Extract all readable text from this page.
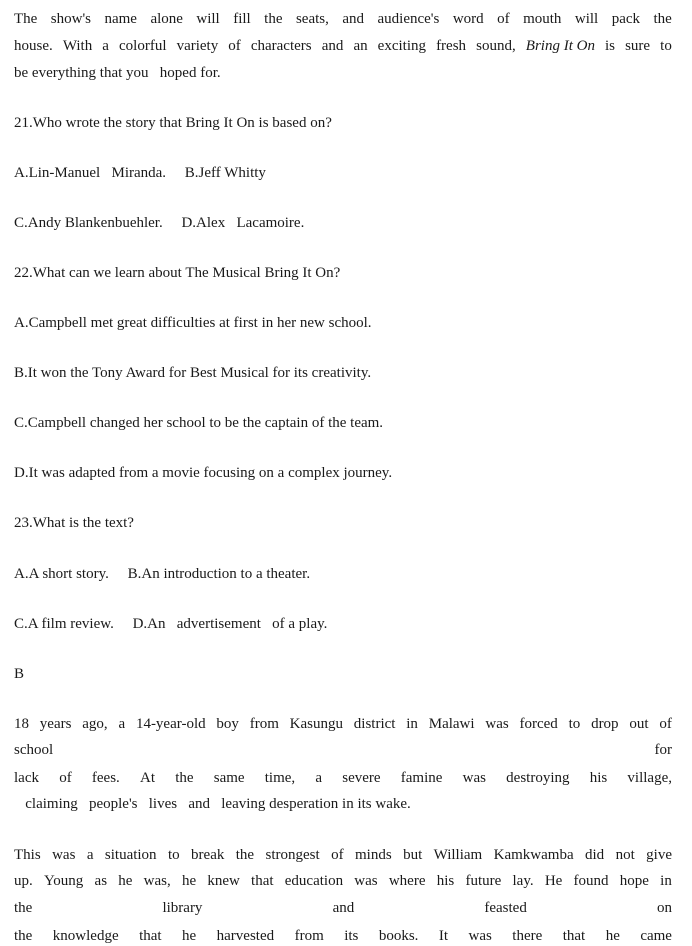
The show's name alone will fill the seats, and audience's word of mouth will pack the
house. With a colorful variety of characters and an exciting fresh sound, Bring It On is sure to
be everything that you   hoped for.
21.Who wrote the story that Bring It On is based on?
A.Lin-Manuel   Miranda.     B.Jeff Whitty
C.Andy Blankenbuehler.     D.Alex   Lacamoire.
22.What can we learn about The Musical Bring It On?
A.Campbell met great difficulties at first in her new school.
B.It won the Tony Award for Best Musical for its creativity.
C.Campbell changed her school to be the captain of the team.
D.It was adapted from a movie focusing on a complex journey.
23.What is the text?
A.A short story.     B.An introduction to a theater.
C.A film review.     D.An   advertisement   of a play.
B
18 years ago, a 14-year-old boy from Kasungu district in Malawi was forced to drop out of
school	for
lack of fees. At the same time, a severe famine was destroying his village,
claiming   people's   lives   and   leaving desperation in its wake.
This was a situation to break the strongest of minds but William Kamkwamba did not give
up. Young as he was, he knew that education was where his future lay. He found hope in
the	library	and	feasted	on
the knowledge that he harvested from its books. It was there that he came
